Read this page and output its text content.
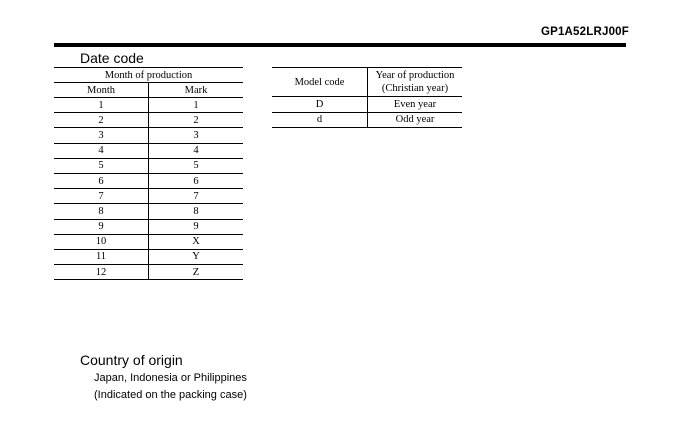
GP1A52LRJ00F
Date code
Month of production	
Month	Mark
1	1
2	2
3	3
4	4
5	5
6	6
7	7
8	8
9	9
10	X
11	Y
12	Z
Model code	Year of production
(Christian year)

D	Even year
d	Odd year
Country of origin
Japan, Indonesia or Philippines
(Indicated on the packing case)
